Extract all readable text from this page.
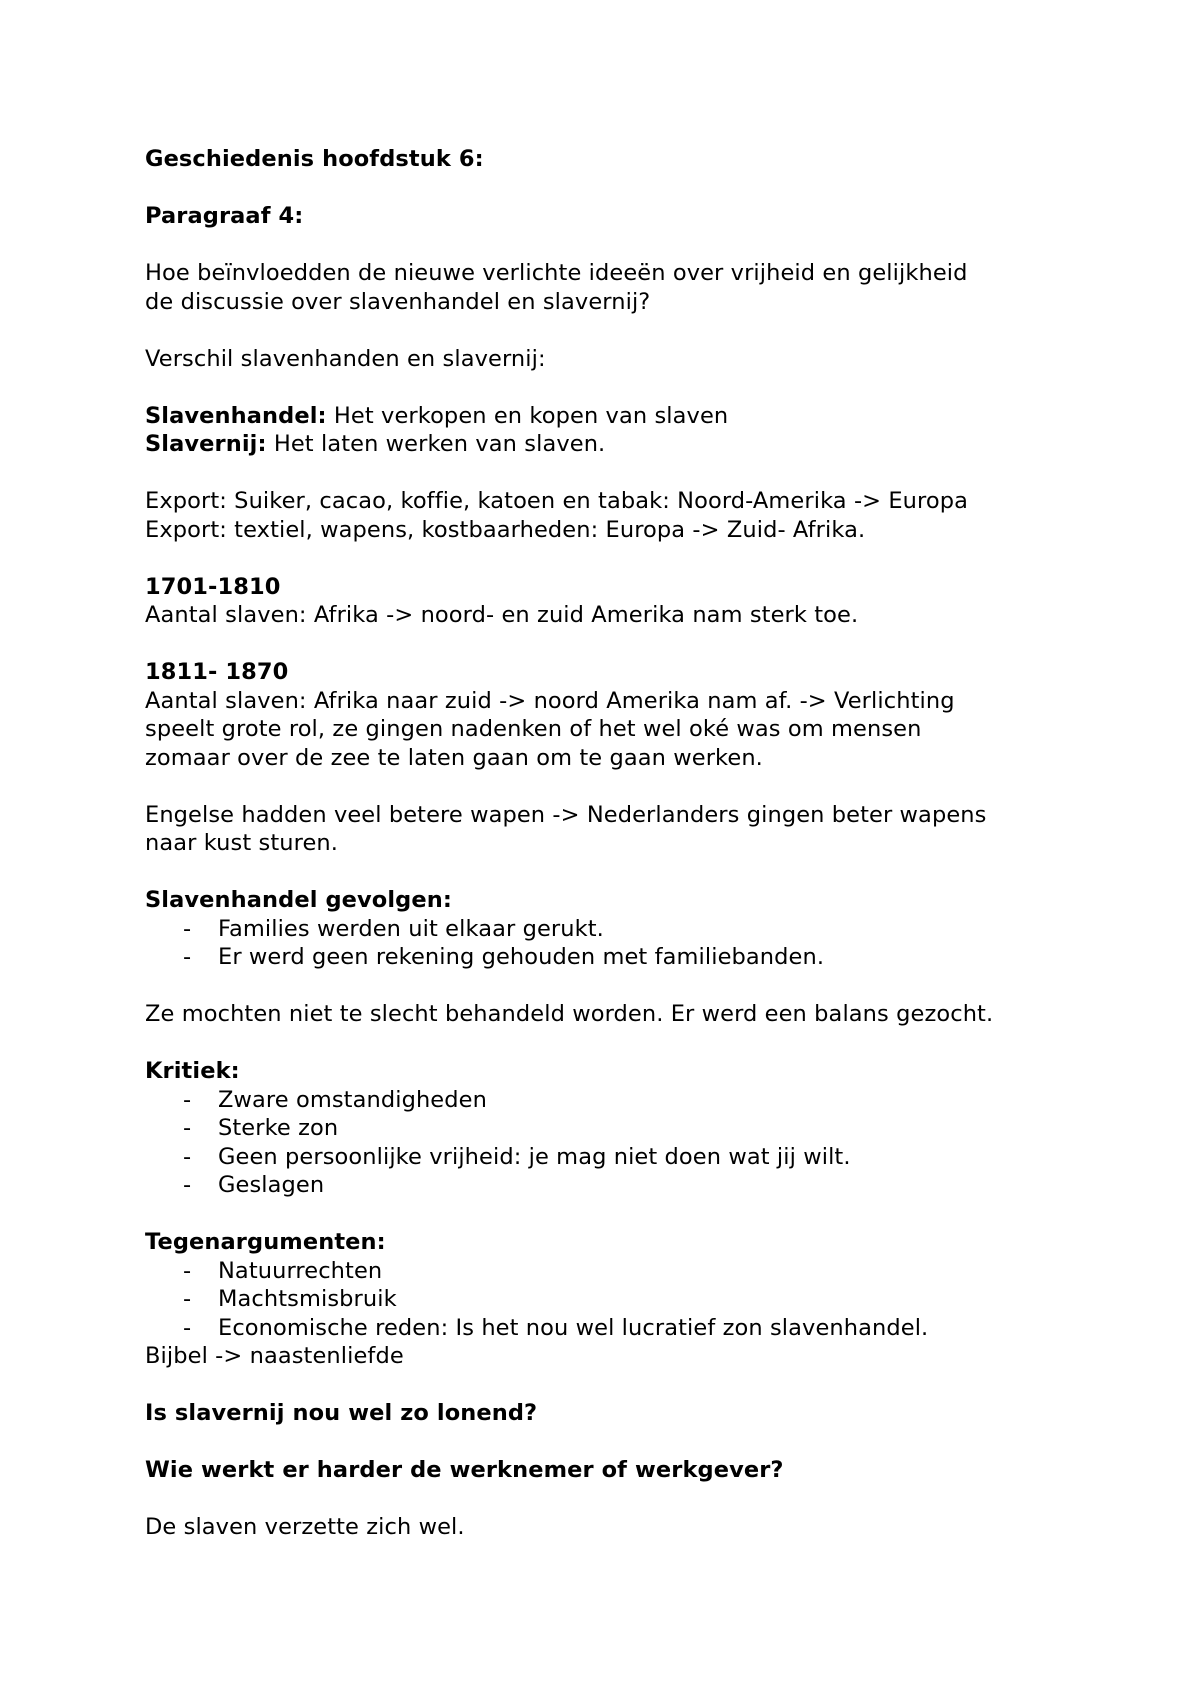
Geschiedenis hoofdstuk 6:

Paragraaf 4:

Hoe beïnvloedden de nieuwe verlichte ideeën over vrijheid en gelijkheid

de discussie over slavenhandel en slavernij?

Verschil slavenhanden en slavernij:

Slavenhandel: Het verkopen en kopen van slaven

Slavernij: Het laten werken van slaven.

Export: Suiker, cacao, koffie, katoen en tabak: Noord-Amerika -> Europa

Export: textiel, wapens, kostbaarheden: Europa -> Zuid- Afrika.

1701-1810

Aantal slaven: Afrika -> noord- en zuid Amerika nam sterk toe.

1811- 1870

Aantal slaven: Afrika naar zuid -> noord Amerika nam af. -> Verlichting

speelt grote rol, ze gingen nadenken of het wel oké was om mensen

zomaar over de zee te laten gaan om te gaan werken.

Engelse hadden veel betere wapen -> Nederlanders gingen beter wapens

naar kust sturen.

Slavenhandel gevolgen:

- Families werden uit elkaar gerukt.
- Er werd geen rekening gehouden met familiebanden.

Ze mochten niet te slecht behandeld worden. Er werd een balans gezocht.

Kritiek:

- Zware omstandigheden
- Sterke zon
- Geen persoonlijke vrijheid: je mag niet doen wat jij wilt.
- Geslagen

Tegenargumenten:

- Natuurrechten
- Machtsmisbruik
- Economische reden: Is het nou wel lucratief zon slavenhandel.

Bijbel -> naastenliefde

Is slavernij nou wel zo lonend?

Wie werkt er harder de werknemer of werkgever?

De slaven verzette zich wel.
